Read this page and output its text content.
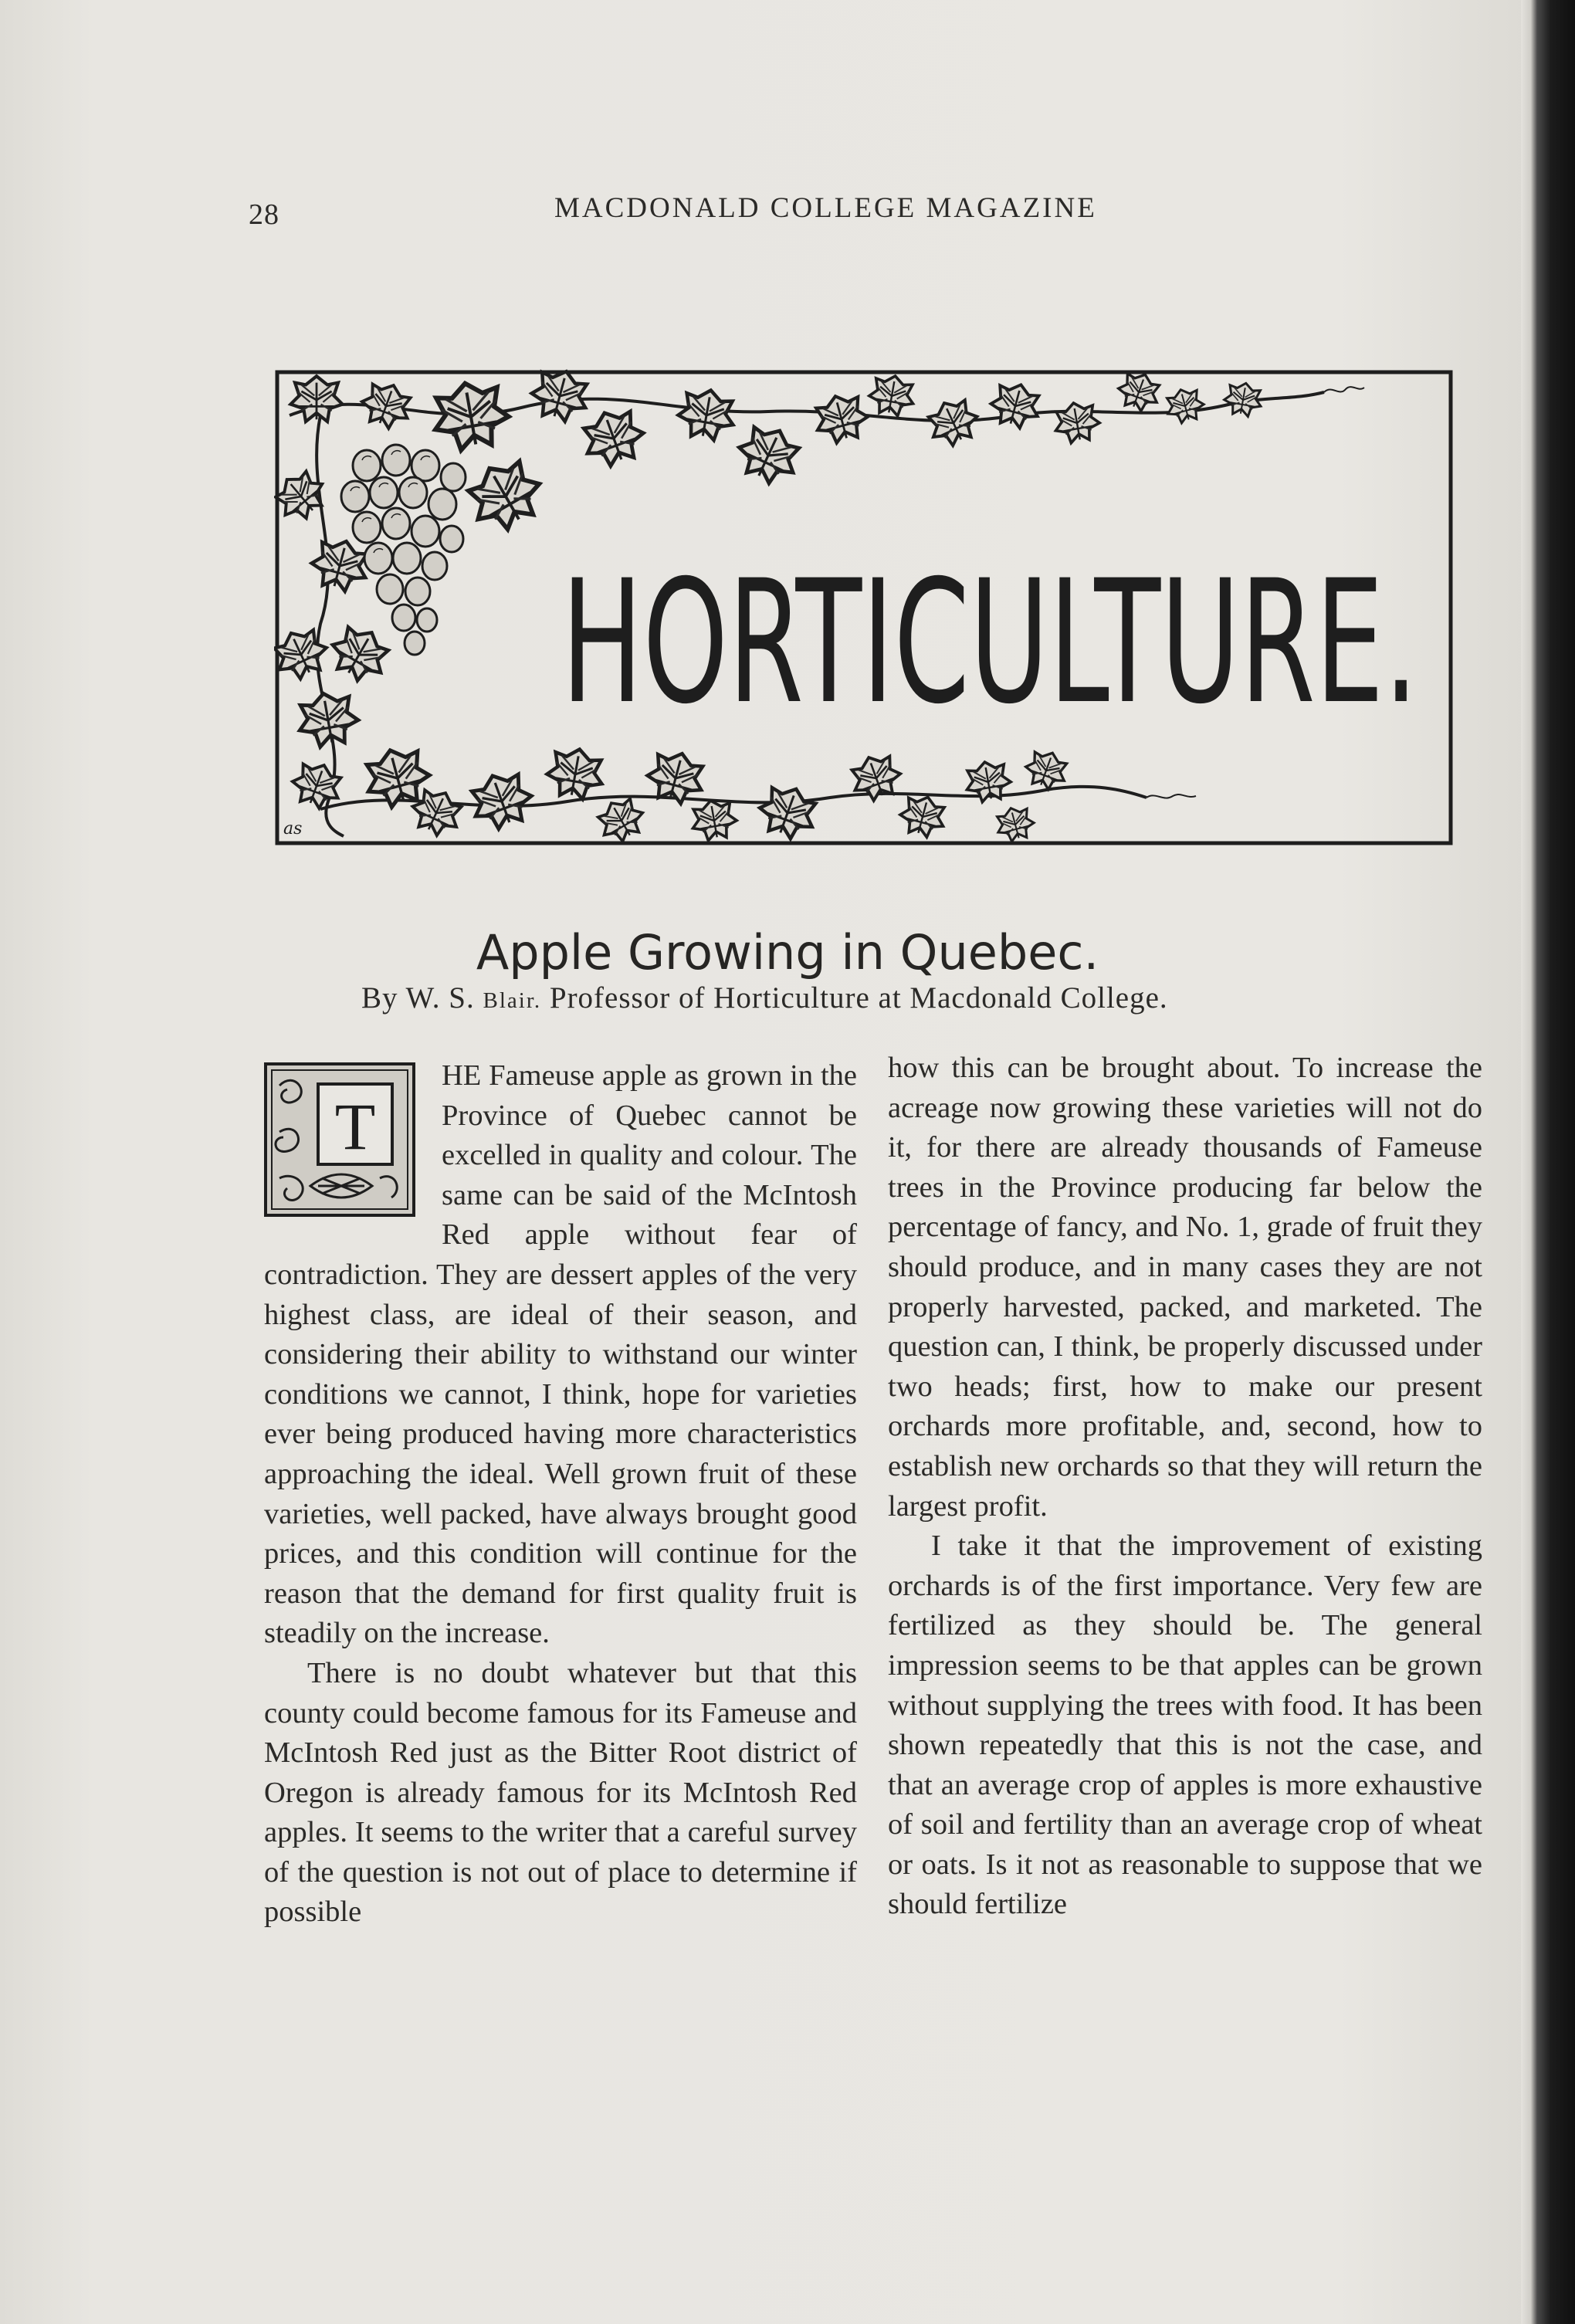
28	MACDONALD COLLEGE MAGAZINE
HORTICULTURE.
as
Apple Growing in Quebec.
By W. S. Blair. Professor of Horticulture at Macdonald College.
T

HE Fameuse apple as grown in the Province of Quebec cannot be excelled in quality and colour. The same can be said of the McIntosh Red apple without fear of contradiction. They are dessert apples of the very highest class, are ideal of their season, and considering their ability to withstand our winter conditions we cannot, I think, hope for varieties ever being produced having more characteristics approaching the ideal. Well grown fruit of these varieties, well packed, have always brought good prices, and this condition will continue for the reason that the demand for first quality fruit is steadily on the increase.

There is no doubt whatever but that this county could become famous for its Fameuse and McIntosh Red just as the Bitter Root district of Oregon is already famous for its McIntosh Red apples. It seems to the writer that a careful survey of the question is not out of place to determine if possible

how this can be brought about. To increase the acreage now growing these varieties will not do it, for there are already thousands of Fameuse trees in the Province producing far below the percentage of fancy, and No. 1, grade of fruit they should produce, and in many cases they are not properly harvested, packed, and marketed. The question can, I think, be properly discussed under two heads; first, how to make our present orchards more profitable, and, second, how to establish new orchards so that they will return the largest profit.

I take it that the improvement of existing orchards is of the first importance. Very few are fertilized as they should be. The general impression seems to be that apples can be grown without supplying the trees with food. It has been shown repeatedly that this is not the case, and that an average crop of apples is more exhaustive of soil and fertility than an average crop of wheat or oats. Is it not as reasonable to suppose that we should fertilize
